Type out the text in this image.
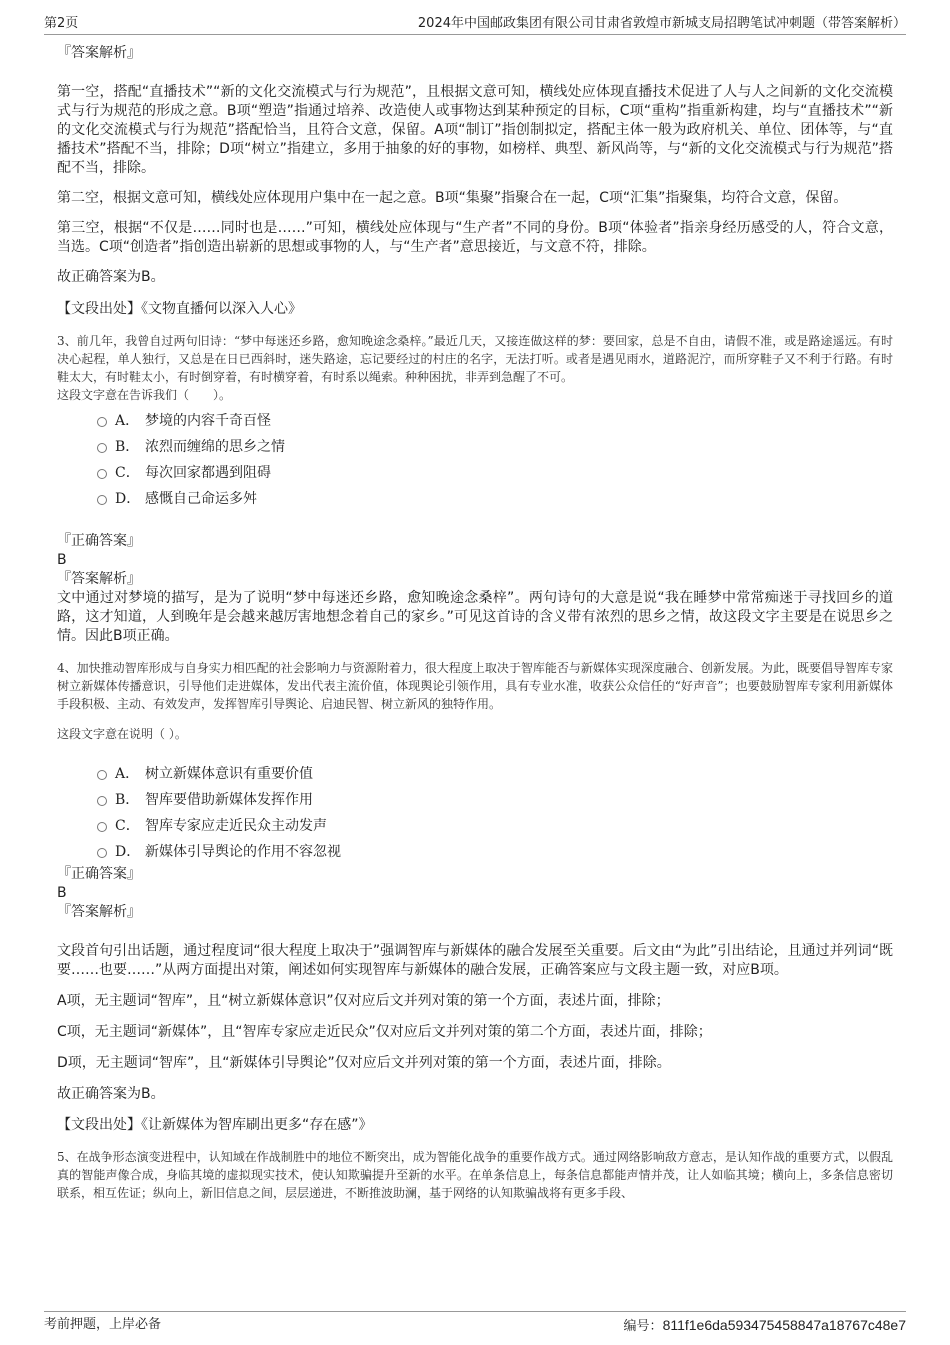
第2页	2024年中国邮政集团有限公司甘肃省敦煌市新城支局招聘笔试冲刺题（带答案解析）

『答案解析』

第一空，搭配“直播技术”“新的文化交流模式与行为规范”，且根据文意可知，横线处应体现直播技术促进了人与人之间新的文化交流模式与行为规范的形成之意。B项“塑造”指通过培养、改造使人或事物达到某种预定的目标，C项“重构”指重新构建，均与“直播技术”“新的文化交流模式与行为规范”搭配恰当，且符合文意，保留。A项“制订”指创制拟定，搭配主体一般为政府机关、单位、团体等，与“直播技术”搭配不当，排除；D项“树立”指建立，多用于抽象的好的事物，如榜样、典型、新风尚等，与“新的文化交流模式与行为规范”搭配不当，排除。

第二空，根据文意可知，横线处应体现用户集中在一起之意。B项“集聚”指聚合在一起，C项“汇集”指聚集，均符合文意，保留。

第三空，根据“不仅是……同时也是……”可知，横线处应体现与“生产者”不同的身份。B项“体验者”指亲身经历感受的人，符合文意，当选。C项“创造者”指创造出崭新的思想或事物的人，与“生产者”意思接近，与文意不符，排除。

故正确答案为B。

【文段出处】《文物直播何以深入人心》

3、前几年，我曾自过两句旧诗：“梦中每迷还乡路，愈知晚途念桑梓。”最近几天，又接连做这样的梦：要回家，总是不自由，请假不准，或是路途遥远。有时决心起程，单人独行，又总是在日已西斜时，迷失路途，忘记要经过的村庄的名字，无法打听。或者是遇见雨水，道路泥泞，而所穿鞋子又不利于行路。有时鞋太大，有时鞋太小，有时倒穿着，有时横穿着，有时系以绳索。种种困扰，非弄到急醒了不可。

这段文字意在告诉我们（　　）。

A． 梦境的内容千奇百怪
B． 浓烈而缠绵的思乡之情
C． 每次回家都遇到阻碍
D． 感慨自己命运多舛

『正确答案』

B

『答案解析』

文中通过对梦境的描写，是为了说明“梦中每迷还乡路，愈知晚途念桑梓”。两句诗句的大意是说“我在睡梦中常常痴迷于寻找回乡的道路，这才知道，人到晚年是会越来越厉害地想念着自己的家乡。”可见这首诗的含义带有浓烈的思乡之情，故这段文字主要是在说思乡之情。因此B项正确。

4、加快推动智库形成与自身实力相匹配的社会影响力与资源附着力，很大程度上取决于智库能否与新媒体实现深度融合、创新发展。为此，既要倡导智库专家树立新媒体传播意识，引导他们走进媒体，发出代表主流价值，体现舆论引领作用，具有专业水准，收获公众信任的“好声音”；也要鼓励智库专家利用新媒体手段积极、主动、有效发声，发挥智库引导舆论、启迪民智、树立新风的独特作用。

这段文字意在说明（ ）。

A． 树立新媒体意识有重要价值
B． 智库要借助新媒体发挥作用
C． 智库专家应走近民众主动发声
D． 新媒体引导舆论的作用不容忽视

『正确答案』

B

『答案解析』

文段首句引出话题，通过程度词“很大程度上取决于”强调智库与新媒体的融合发展至关重要。后文由“为此”引出结论，且通过并列词“既要……也要……”从两方面提出对策，阐述如何实现智库与新媒体的融合发展，正确答案应与文段主题一致，对应B项。

A项，无主题词“智库”，且“树立新媒体意识”仅对应后文并列对策的第一个方面，表述片面，排除；

C项，无主题词“新媒体”，且“智库专家应走近民众”仅对应后文并列对策的第二个方面，表述片面，排除；

D项，无主题词“智库”，且“新媒体引导舆论”仅对应后文并列对策的第一个方面，表述片面，排除。

故正确答案为B。

【文段出处】《让新媒体为智库刷出更多“存在感”》

5、在战争形态演变进程中，认知域在作战制胜中的地位不断突出，成为智能化战争的重要作战方式。通过网络影响敌方意志，是认知作战的重要方式，以假乱真的智能声像合成，身临其境的虚拟现实技术，使认知欺骗提升至新的水平。在单条信息上，每条信息都能声情并茂，让人如临其境；横向上，多条信息密切联系，相互佐证；纵向上，新旧信息之间，层层递进，不断推波助澜，基于网络的认知欺骗战将有更多手段、

考前押题，上岸必备	编号：811f1e6da593475458847a18767c48e7
